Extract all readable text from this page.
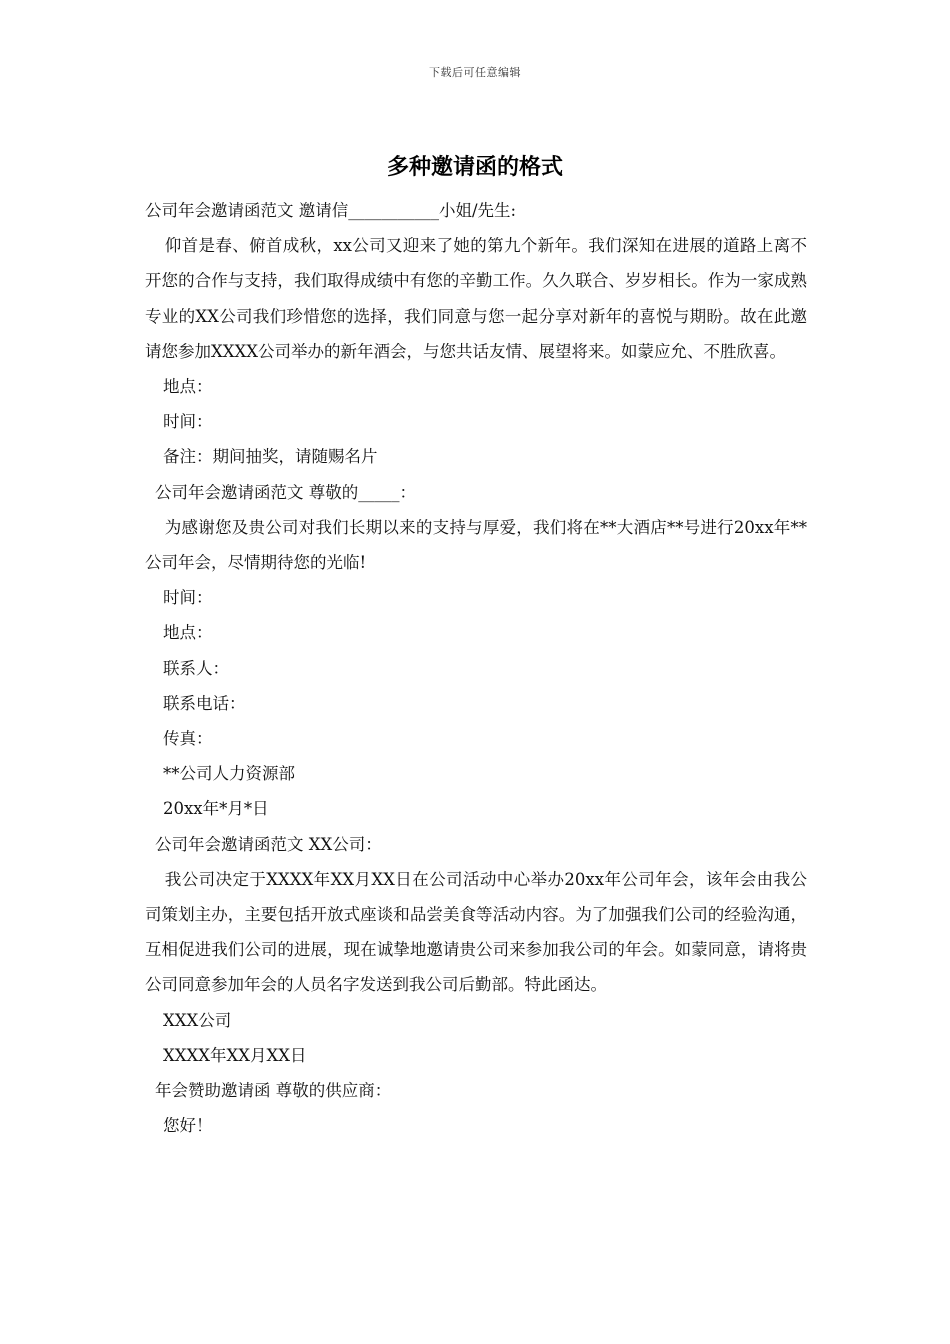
下载后可任意编辑
多种邀请函的格式

公司年会邀请函范文 邀请信___________小姐/先生:

仰首是春、俯首成秋，xx公司又迎来了她的第九个新年。我们深知在进展的道路上离不开您的合作与支持，我们取得成绩中有您的辛勤工作。久久联合、岁岁相长。作为一家成熟专业的XX公司我们珍惜您的选择，我们同意与您一起分享对新年的喜悦与期盼。故在此邀请您参加XXXX公司举办的新年酒会，与您共话友情、展望将来。如蒙应允、不胜欣喜。

地点：

时间：

备注：期间抽奖，请随赐名片

公司年会邀请函范文 尊敬的_____：

为感谢您及贵公司对我们长期以来的支持与厚爱，我们将在**大酒店**号进行20xx年**公司年会，尽情期待您的光临!

时间：

地点：

联系人：

联系电话：

传真：

**公司人力资源部

20xx年*月*日

公司年会邀请函范文 XX公司：

我公司决定于XXXX年XX月XX日在公司活动中心举办20xx年公司年会，该年会由我公司策划主办，主要包括开放式座谈和品尝美食等活动内容。为了加强我们公司的经验沟通，互相促进我们公司的进展，现在诚挚地邀请贵公司来参加我公司的年会。如蒙同意，请将贵公司同意参加年会的人员名字发送到我公司后勤部。特此函达。

XXX公司

XXXX年XX月XX日

年会赞助邀请函 尊敬的供应商：

您好！
